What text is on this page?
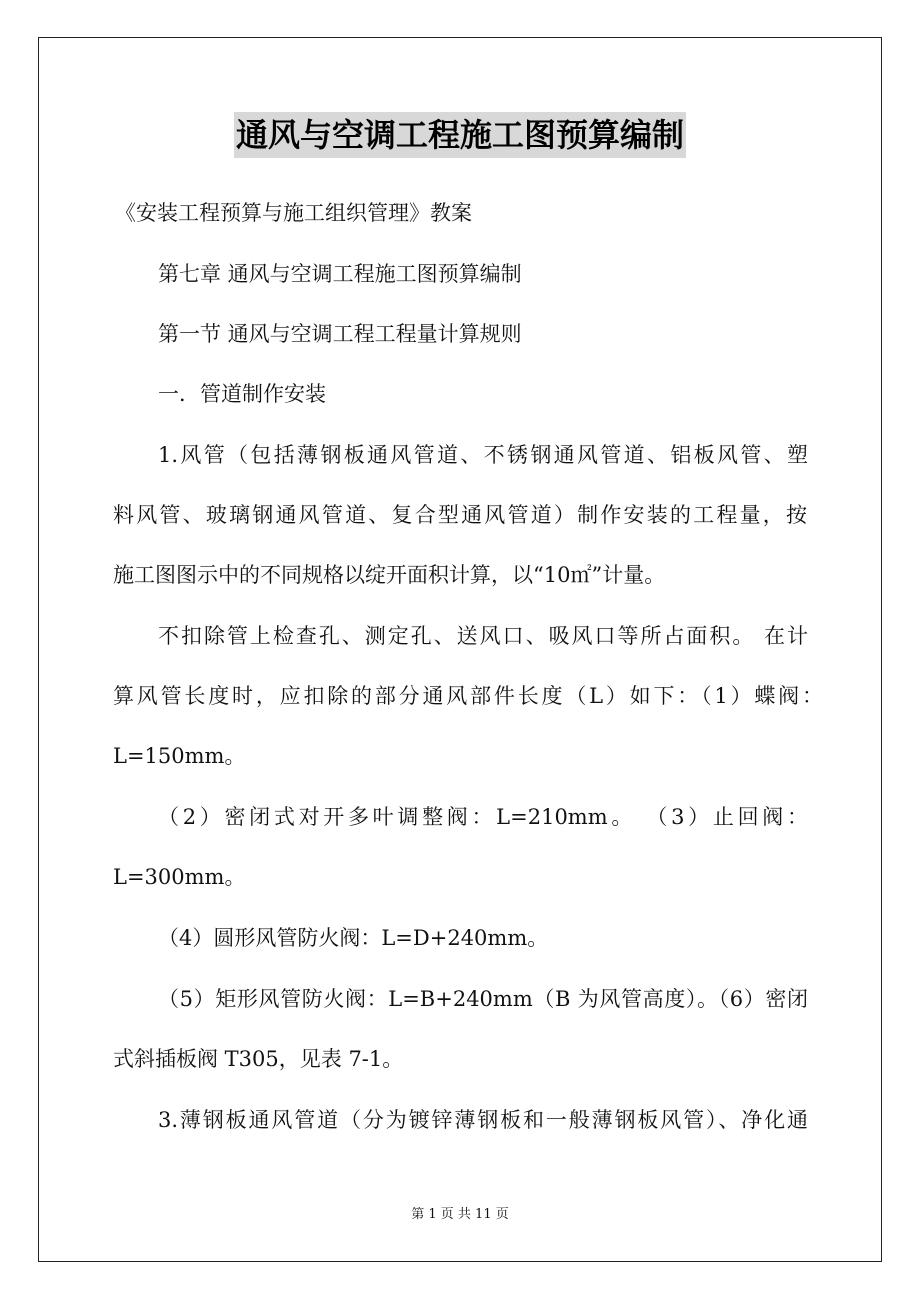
通风与空调工程施工图预算编制
《安装工程预算与施工组织管理》教案
第七章 通风与空调工程施工图预算编制
第一节 通风与空调工程工程量计算规则
一．管道制作安装
1.风管（包括薄钢板通风管道、不锈钢通风管道、铝板风管、塑
料风管、玻璃钢通风管道、复合型通风管道）制作安装的工程量，按
施工图图示中的不同规格以绽开面积计算，以“10㎡”计量。
不扣除管上检查孔、测定孔、送风口、吸风口等所占面积。 在计
算风管长度时，应扣除的部分通风部件长度（L）如下：（1）蝶阀：
L=150mm。
（2）密闭式对开多叶调整阀：L=210mm。 （3）止回阀：
L=300mm。
（4）圆形风管防火阀：L=D+240mm。
（5）矩形风管防火阀：L=B+240mm（B 为风管高度）。（6）密闭
式斜插板阀 T305，见表 7-1。
3.薄钢板通风管道（分为镀锌薄钢板和一般薄钢板风管）、净化通
第 1 页 共 11 页
